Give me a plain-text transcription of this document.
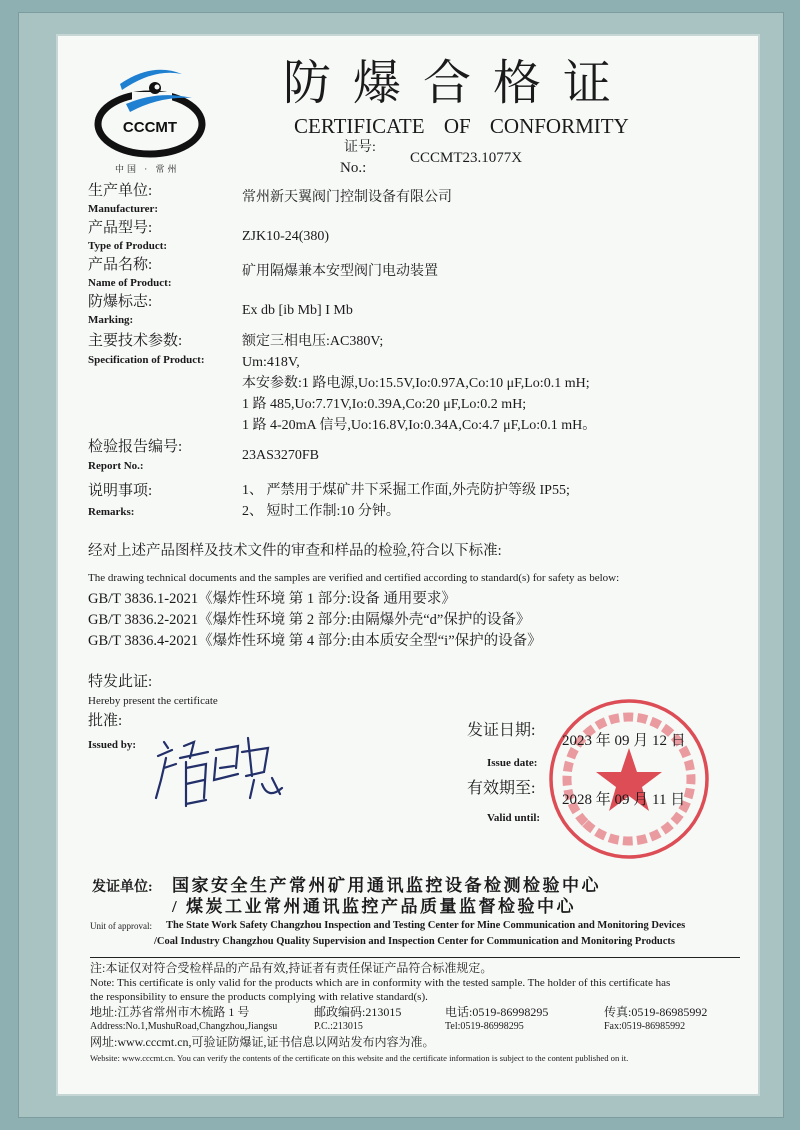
CCCMT
中国 · 常州
防爆合格证
CERTIFICATE OF CONFORMITY
证号:
No.:
CCCMT23.1077X
生产单位:
Manufacturer:
常州新天翼阀门控制设备有限公司
产品型号:
Type of Product:
ZJK10-24(380)
产品名称:
Name of Product:
矿用隔爆兼本安型阀门电动装置
防爆标志:
Marking:
Ex db [ib Mb] I Mb
主要技术参数:
Specification of Product:
额定三相电压:AC380V;
Um:418V,
本安参数:1 路电源,Uo:15.5V,Io:0.97A,Co:10 μF,Lo:0.1 mH;
1 路 485,Uo:7.71V,Io:0.39A,Co:20 μF,Lo:0.2 mH;
1 路 4-20mA 信号,Uo:16.8V,Io:0.34A,Co:4.7 μF,Lo:0.1 mH。
检验报告编号:
Report No.:
23AS3270FB
说明事项:
Remarks:
1、 严禁用于煤矿井下采掘工作面,外壳防护等级 IP55;
2、 短时工作制:10 分钟。
经对上述产品图样及技术文件的审查和样品的检验,符合以下标准:
The drawing technical documents and the samples are verified and certified according to standard(s) for safety as below:
GB/T 3836.1-2021《爆炸性环境 第 1 部分:设备 通用要求》
GB/T 3836.2-2021《爆炸性环境 第 2 部分:由隔爆外壳“d”保护的设备》
GB/T 3836.4-2021《爆炸性环境 第 4 部分:由本质安全型“i”保护的设备》
特发此证:
Hereby present the certificate
批准:
Issued by:
发证日期:
Issue date:
2023 年 09 月 12 日
有效期至:
Valid until:
2028 年 09 月 11 日
发证单位: 国家安全生产常州矿用通讯监控设备检测检验中心
/ 煤炭工业常州通讯监控产品质量监督检验中心
Unit of approval: The State Work Safety Changzhou Inspection and Testing Center for Mine Communication and Monitoring Devices
/Coal Industry Changzhou Quality Supervision and Inspection Center for Communication and Monitoring Products
注:本证仅对符合受检样品的产品有效,持证者有责任保证产品符合标准规定。
Note: This certificate is only valid for the products which are in conformity with the tested sample. The holder of this certificate has
the responsibility to ensure the products complying with relative standard(s).
地址:江苏省常州市木梳路 1 号	邮政编码:213015	电话:0519-86998295	传真:0519-86985992
Address:No.1,MushuRoad,Changzhou,Jiangsu	P.C.:213015	Tel:0519-86998295	Fax:0519-86985992
网址:www.cccmt.cn,可验证防爆证,证书信息以网站发布内容为准。
Website: www.cccmt.cn. You can verify the contents of the certificate on this website and the certificate information is subject to the content published on it.
